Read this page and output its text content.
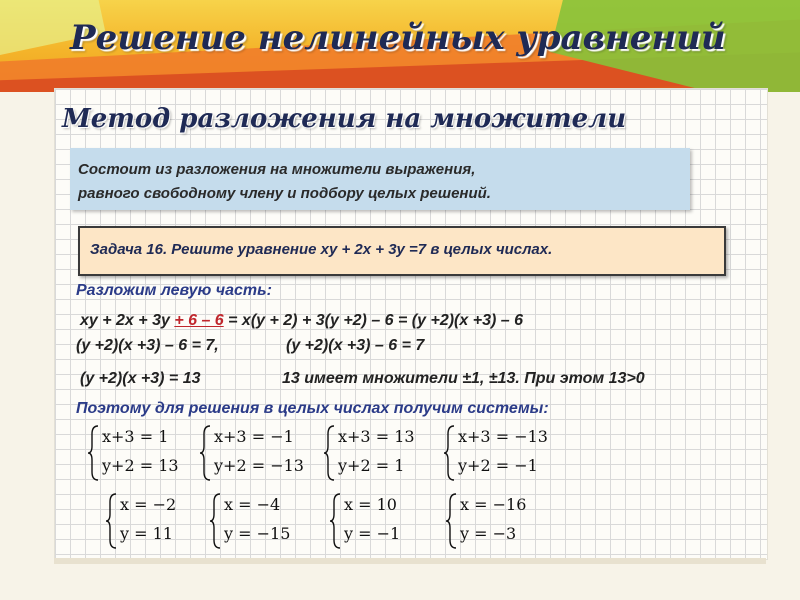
Решение нелинейных уравнений
Метод разложения на множители
Состоит из разложения на множители выражения,
равного свободному члену и подбору целых решений.
Задача 16. Решите уравнение xy + 2x + 3y =7 в целых числах.
Разложим левую часть:
xy + 2x + 3y + 6 – 6 = x(y + 2) + 3(y +2) – 6 = (y +2)(x +3) – 6
(y +2)(x +3) – 6 = 7,	(y +2)(x +3) – 6 = 7
(y +2)(x +3) = 13	13 имеет множители ±1, ±13. При этом 13>0
Поэтому для решения в целых числах получим системы:
x+3 = 1
y+2 = 13
x+3 = −1
y+2 = −13
x+3 = 13
y+2 = 1
x+3 = −13
y+2 = −1
x = −2
y = 11
x = −4
y = −15
x = 10
y = −1
x = −16
y = −3
